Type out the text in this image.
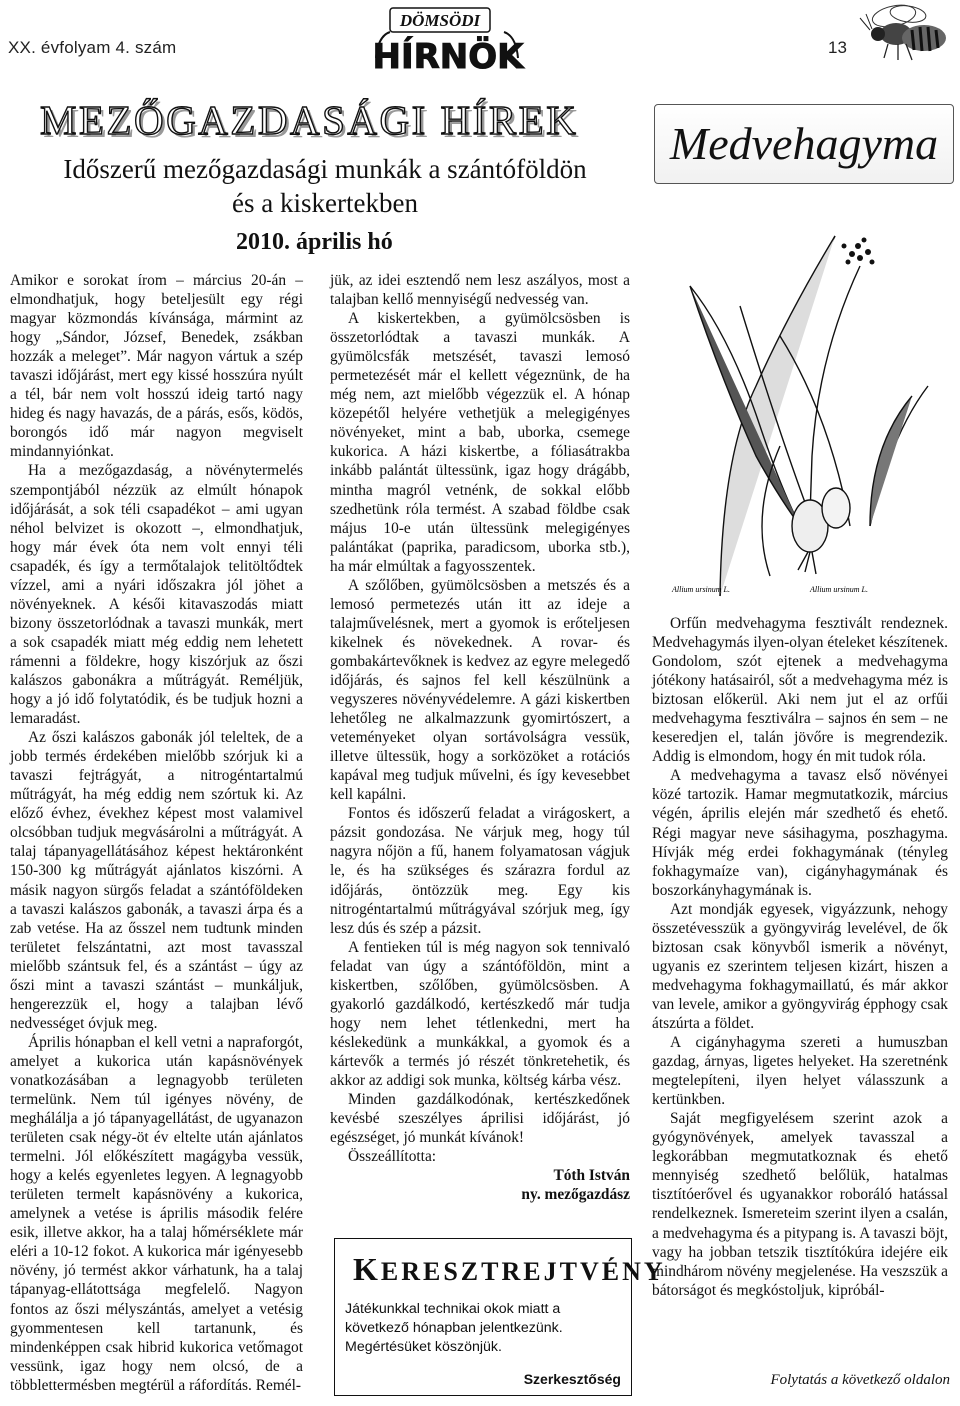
XX. évfolyam 4. szám
DÖMSÖDI
HÍRNÖK	13
MEZŐGAZDASÁGI HÍREK
Időszerű mezőgazdasági munkák a szántóföldön
és a kiskertekben
2010. április hó
Medvehagyma
Allium ursinum L.	Allium ursinum L.

Amikor e sorokat írom – március 20-án – elmondhatjuk, hogy beteljesült egy régi magyar közmondás kívánsága, mármint az hogy „Sándor, József, Benedek, zsákban hozzák a meleget”. Már nagyon vártuk a szép tavaszi időjárást, mert egy kissé hosszúra nyúlt a tél, bár nem volt hosszú ideig tartó nagy hideg és nagy havazás, de a párás, esős, ködös, borongós idő már nagyon megviselt mindannyiónkat.

Ha a mezőgazdaság, a növénytermelés szempontjából nézzük az elmúlt hónapok időjárását, a sok téli csapadékot – ami ugyan néhol belvizet is okozott –, elmondhatjuk, hogy már évek óta nem volt ennyi téli csapadék, és így a termőtalajok telitöltődtek vízzel, ami a nyári időszakra jól jöhet a növényeknek. A késői kitavaszodás miatt bizony összetorlódnak a tavaszi munkák, mert a sok csapadék miatt még eddig nem lehetett rámenni a földekre, hogy kiszórjuk az őszi kalászos gabonákra a műtrágyát. Reméljük, hogy a jó idő folytatódik, és be tudjuk hozni a lemaradást.

Az őszi kalászos gabonák jól teleltek, de a jobb termés érdekében mielőbb szórjuk ki a tavaszi fejtrágyát, a nitrogéntartalmú műtrágyát, ha még eddig nem szórtuk ki. Az előző évhez, évekhez képest most valamivel olcsóbban tudjuk megvásárolni a műtrágyát. A talaj tápanyagellátásához képest hektáronként 150-300 kg műtrágyát ajánlatos kiszórni. A másik nagyon sürgős feladat a szántóföldeken a tavaszi kalászos gabonák, a tavaszi árpa és a zab vetése. Ha az ősszel nem tudtunk minden területet felszántatni, azt most tavasszal mielőbb szántsuk fel, és a szántást – úgy az őszi mint a tavaszi szántást – munkáljuk, hengerezzük el, hogy a talajban lévő nedvességet óvjuk meg.

Április hónapban el kell vetni a napraforgót, amelyet a kukorica után kapásnövények vonatkozásában a legnagyobb területen termelünk. Nem túl igényes növény, de meghálálja a jó tápanyagellátást, de ugyanazon területen csak négy-öt év eltelte után ajánlatos termelni. Jól előkészített magágyba vessük, hogy a kelés egyenletes legyen. A legnagyobb területen termelt kapásnövény a kukorica, amelynek a vetése is április második felére esik, illetve akkor, ha a talaj hőmérséklete már eléri a 10-12 fokot. A kukorica már igényesebb növény, jó termést akkor várhatunk, ha a talaj tápanyag-ellátottsága megfelelő. Nagyon fontos az őszi mélyszántás, amelyet a vetésig gyommentesen kell tartanunk, és mindenképpen csak hibrid kukorica vetőmagot vessünk, igaz hogy nem olcsó, de a többlettermésben megtérül a ráfordítás. Remél-

jük, az idei esztendő nem lesz aszályos, most a talajban kellő mennyiségű nedvesség van.

A kiskertekben, a gyümölcsösben is összetorlódtak a tavaszi munkák. A gyümölcsfák metszését, tavaszi lemosó permetezését már el kellett végeznünk, de ha még nem, azt mielőbb végezzük el. A hónap közepétől helyére vethetjük a melegigényes növényeket, mint a bab, uborka, csemege kukorica. A házi kiskertbe, a fóliasátrakba inkább palántát ültessünk, igaz hogy drágább, mintha magról vetnénk, de sokkal előbb szedhetünk róla termést. A szabad földbe csak május 10-e után ültessünk melegigényes palántákat (paprika, paradicsom, uborka stb.), ha már elmúltak a fagyosszentek.

A szőlőben, gyümölcsösben a metszés és a lemosó permetezés után itt az ideje a talajművelésnek, mert a gyomok is erőteljesen kikelnek és növekednek. A rovar- és gombakártevőknek is kedvez az egyre melegedő időjárás, és sajnos fel kell készülnünk a vegyszeres növényvédelemre. A gázi kiskertben lehetőleg ne alkalmazzunk gyomirtószert, a veteményeket olyan sortávolságra vessük, illetve ültessük, hogy a sorközöket a rotációs kapával meg tudjuk művelni, és így kevesebbet kell kapálni.

Fontos és időszerű feladat a virágoskert, a pázsit gondozása. Ne várjuk meg, hogy túl nagyra nőjön a fű, hanem folyamatosan vágjuk le, és ha szükséges és szárazra fordul az időjárás, öntözzük meg. Egy kis nitrogéntartalmú műtrágyával szórjuk meg, így lesz dús és szép a pázsit.

A fentieken túl is még nagyon sok tennivaló feladat van úgy a szántóföldön, mint a kiskertben, szőlőben, gyümölcsösben. A gyakorló gazdálkodó, kertészkedő már tudja hogy nem lehet tétlenkedni, mert ha késlekedünk a munkákkal, a gyomok és a kártevők a termés jó részét tönkretehetik, és akkor az addigi sok munka, költség kárba vész.

Minden gazdálkodónak, kertészkedőnek kevésbé szeszélyes áprilisi időjárást, jó egészséget, jó munkát kívánok!

Összeállította:

Tóth István

ny. mezőgazdász

KERESZTREJTVÉNY

Játékunkkal technikai okok miatt a következő hónapban jelentkezünk. Megértésüket köszönjük.

Szerkesztőség

Orfűn medvehagyma fesztivált rendeznek. Medvehagymás ilyen-olyan ételeket készítenek. Gondolom, szót ejtenek a medvehagyma jótékony hatásairól, sőt a medvehagyma méz is biztosan előkerül. Aki nem jut el az orfűi medvehagyma fesztiválra – sajnos én sem – ne keseredjen el, talán jövőre is megrendezik. Addig is elmondom, hogy én mit tudok róla.

A medvehagyma a tavasz első növényei közé tartozik. Hamar megmutatkozik, március végén, április elején már szedhető és ehető. Régi magyar neve sásihagyma, poszhagyma. Hívják még erdei fokhagymának (tényleg fokhagymaíze van), cigányhagymának és boszorkányhagymának is.

Azt mondják egyesek, vigyázzunk, nehogy összetévesszük a gyöngyvirág levelével, de ők biztosan csak könyvből ismerik a növényt, ugyanis ez szerintem teljesen kizárt, hiszen a medvehagyma fokhagymaillatú, és már akkor van levele, amikor a gyöngyvirág épphogy csak átszúrta a földet.

A cigányhagyma szereti a humuszban gazdag, árnyas, ligetes helyeket. Ha szeretnénk megtelepíteni, ilyen helyet válasszunk a kertünkben.

Saját megfigyelésem szerint azok a gyógynövények, amelyek tavasszal a legkorábban megmutatkoznak és ehető mennyiség szedhető belőlük, hatalmas tisztítóerővel és ugyanakkor roboráló hatással rendelkeznek. Ismereteim szerint ilyen a csalán, a medvehagyma és a pitypang is. A tavaszi böjt, vagy ha jobban tetszik tisztítókúra idejére eik mindhárom növény megjelenése. Ha veszszük a bátorságot és megkóstoljuk, kipróbál-

Folytatás a következő oldalon
